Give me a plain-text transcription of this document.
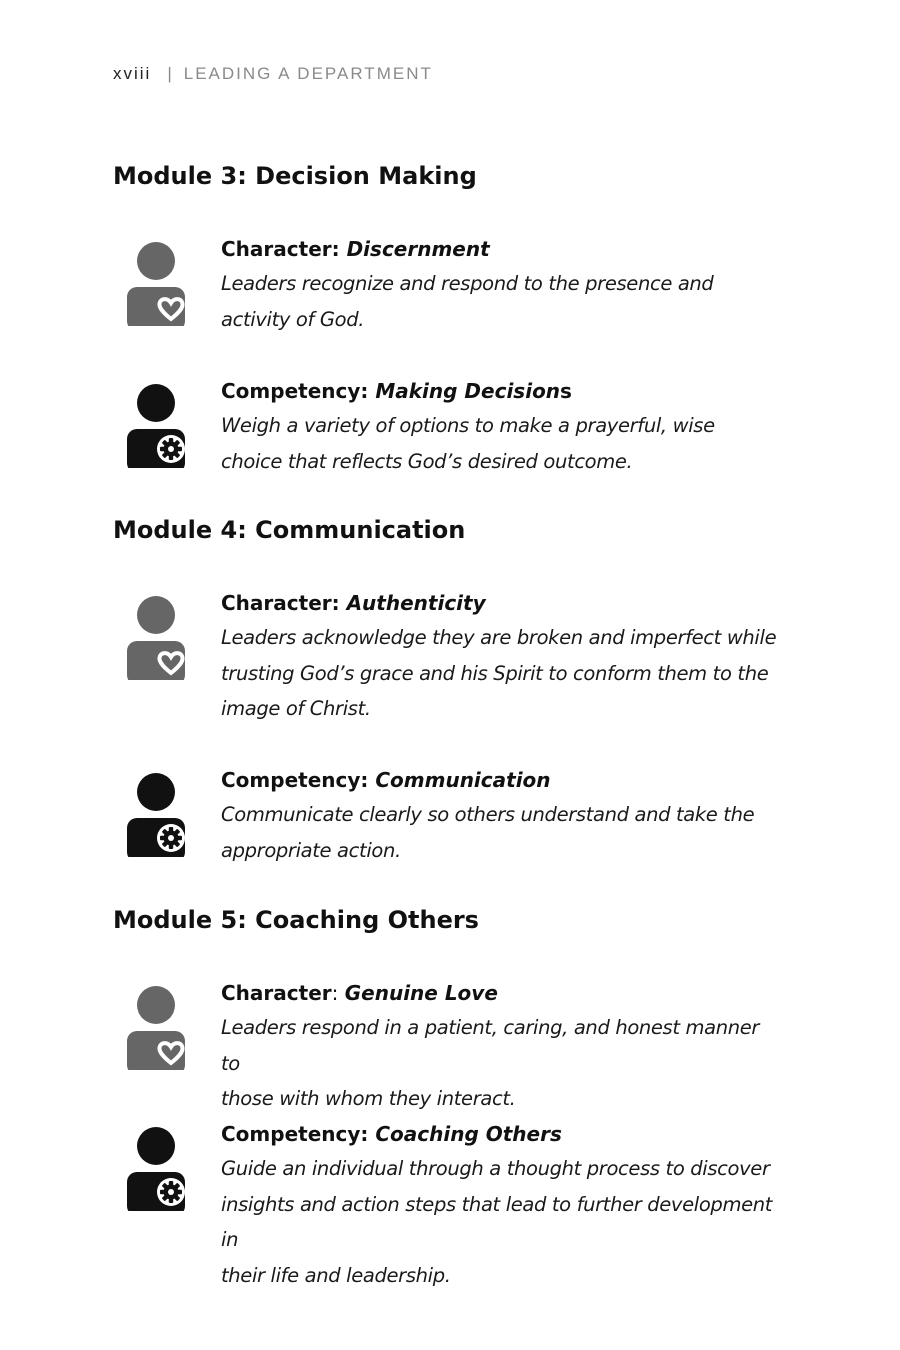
xviii | LEADING A DEPARTMENT
Module 3: Decision Making
Character: Discernment
Leaders recognize and respond to the presence and
activity of God.
Competency: Making Decisions
Weigh a variety of options to make a prayerful, wise
choice that reflects God’s desired outcome.
Module 4: Communication
Character: Authenticity
Leaders acknowledge they are broken and imperfect while
trusting God’s grace and his Spirit to conform them to the
image of Christ.
Competency: Communication
Communicate clearly so others understand and take the
appropriate action.
Module 5: Coaching Others
Character: Genuine Love
Leaders respond in a patient, caring, and honest manner to
those with whom they interact.
Competency: Coaching Others
Guide an individual through a thought process to discover
insights and action steps that lead to further development in
their life and leadership.
